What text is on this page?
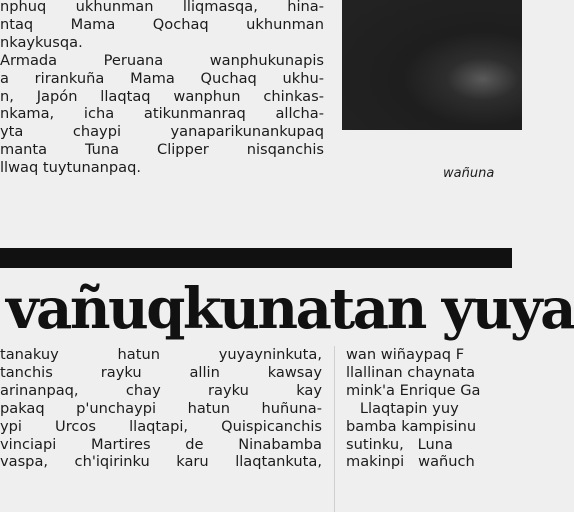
nphuq ukhunman lliqmasqa, hina-
ntaq Mama Qochaq ukhunman
nkaykusqa.
Armada Peruana wanphukunapis
a rirankuña Mama Quchaq ukhu-
n, Japón llaqtaq wanphun chinkas-
nkama, icha atikunmanraq allcha-
yta chaypi yanaparikunankupaq
manta Tuna Clipper nisqanchis
llwaq tuytunanpaq.	wañuna
vañuqkunatan yuya
tanakuy hatun yuyayninkuta,
tanchis rayku allin kawsay
arinanpaq, chay rayku kay
pakaq p'unchaypi hatun huñuna-
ypi Urcos llaqtapi, Quispicanchis
vinciapi Martires de Ninabamba
vaspa, ch'iqirinku karu llaqtankuta,
wan wiñaypaq F
llallinan chaynata
mink'a Enrique Ga
Llaqtapin yuy
bamba kampisinu
sutinku,   Luna
makinpi   wañuch
